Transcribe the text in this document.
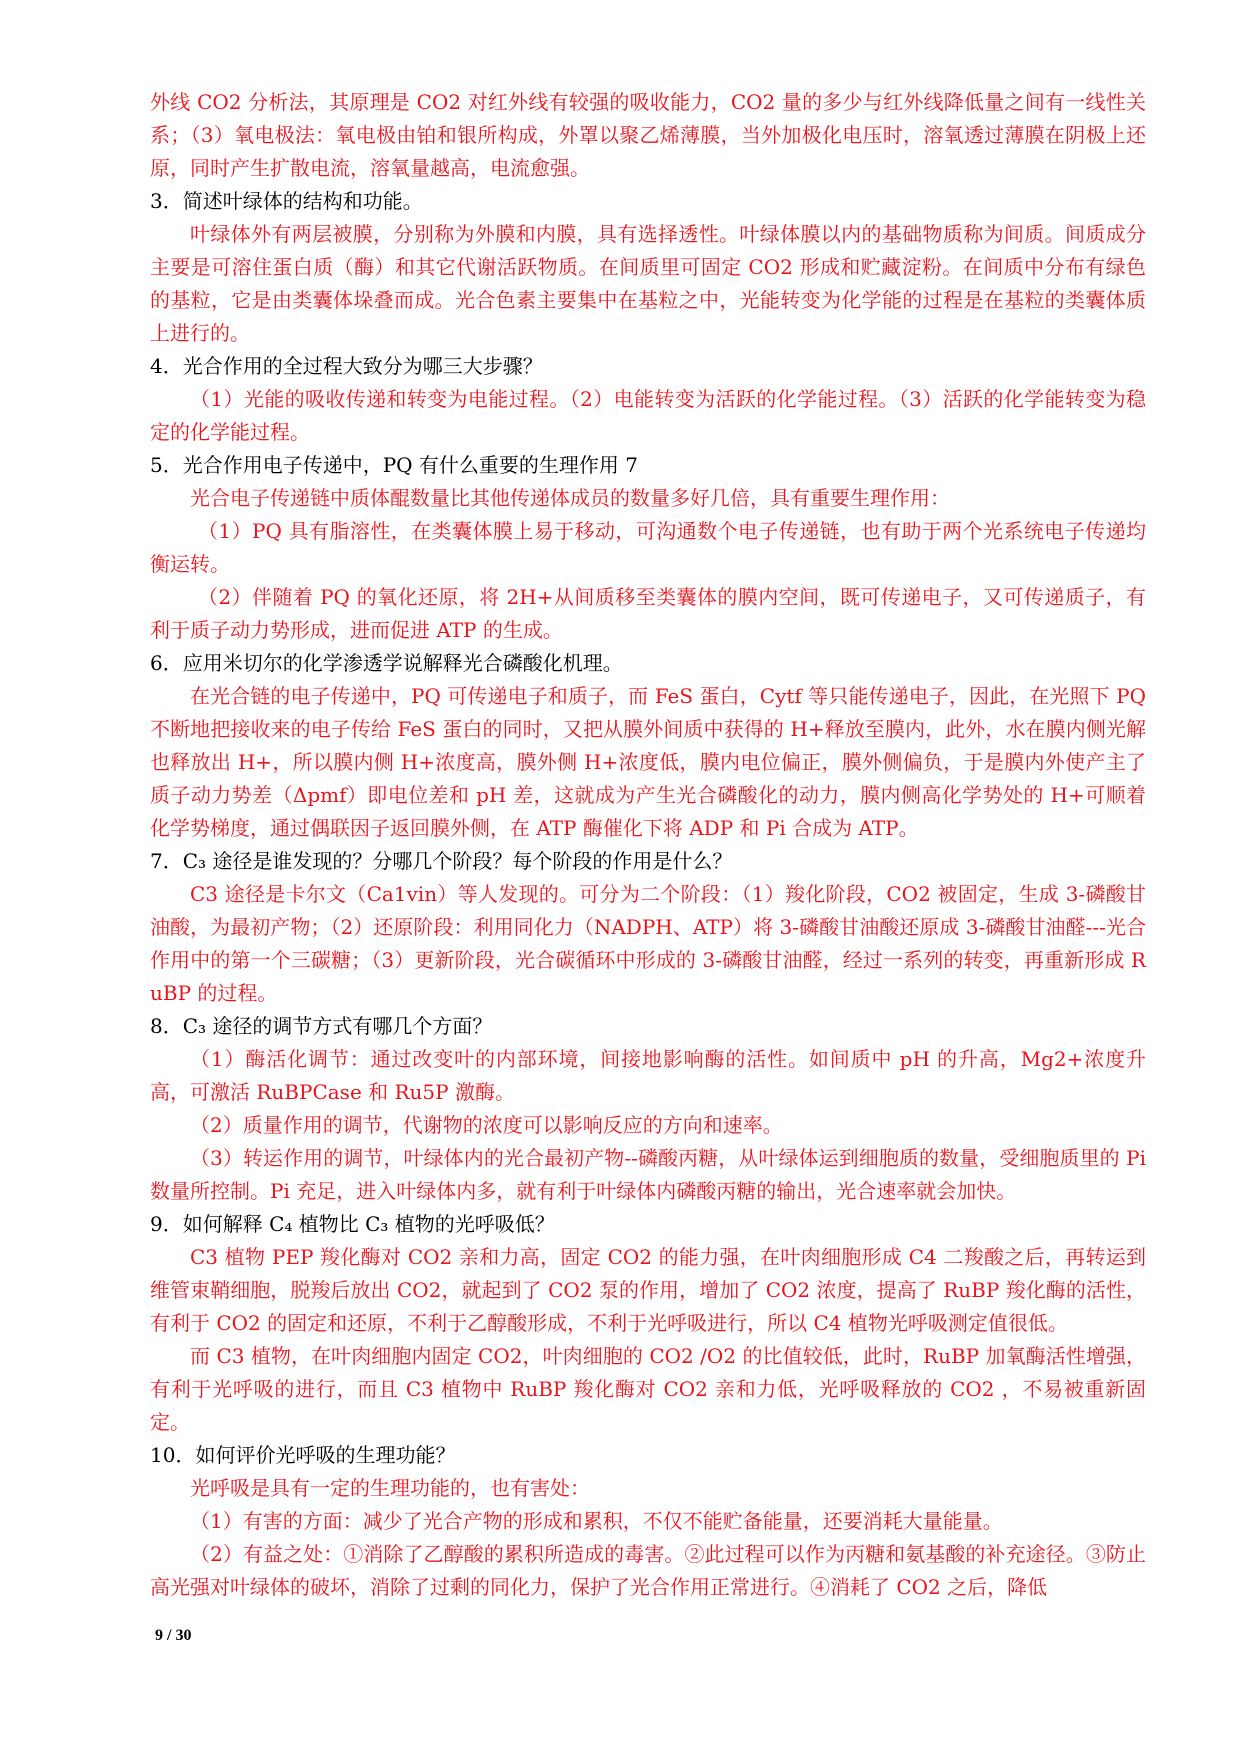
外线 CO2 分析法，其原理是 CO2 对红外线有较强的吸收能力，CO2 量的多少与红外线降低量之间有一线性关系；（3）氧电极法：氧电极由铂和银所构成，外罩以聚乙烯薄膜，当外加极化电压时，溶氧透过薄膜在阴极上还原，同时产生扩散电流，溶氧量越高，电流愈强。

3．简述叶绿体的结构和功能。

叶绿体外有两层被膜，分别称为外膜和内膜，具有选择透性。叶绿体膜以内的基础物质称为间质。间质成分主要是可溶住蛋白质（酶）和其它代谢活跃物质。在间质里可固定 CO2 形成和贮藏淀粉。在间质中分布有绿色的基粒，它是由类囊体垛叠而成。光合色素主要集中在基粒之中，光能转变为化学能的过程是在基粒的类囊体质上进行的。

4．光合作用的全过程大致分为哪三大步骤？

（1）光能的吸收传递和转变为电能过程。（2）电能转变为活跃的化学能过程。（3）活跃的化学能转变为稳定的化学能过程。

5．光合作用电子传递中，PQ 有什么重要的生理作用 7

光合电子传递链中质体醌数量比其他传递体成员的数量多好几倍，具有重要生理作用：

（1）PQ 具有脂溶性，在类囊体膜上易于移动，可沟通数个电子传递链，也有助于两个光系统电子传递均衡运转。

（2）伴随着 PQ 的氧化还原，将 2H+从间质移至类囊体的膜内空间，既可传递电子，又可传递质子，有利于质子动力势形成，进而促进 ATP 的生成。

6．应用米切尔的化学渗透学说解释光合磷酸化机理。

在光合链的电子传递中，PQ 可传递电子和质子，而 FeS 蛋白，Cytf 等只能传递电子，因此，在光照下 PQ 不断地把接收来的电子传给 FeS 蛋白的同时，又把从膜外间质中获得的 H+释放至膜内，此外，水在膜内侧光解也释放出 H+，所以膜内侧 H+浓度高，膜外侧 H+浓度低，膜内电位偏正，膜外侧偏负，于是膜内外使产主了质子动力势差（Δpmf）即电位差和 pH 差，这就成为产生光合磷酸化的动力，膜内侧高化学势处的 H+可顺着化学势梯度，通过偶联因子返回膜外侧，在 ATP 酶催化下将 ADP 和 Pi 合成为 ATP。

7．C₃ 途径是谁发现的？分哪几个阶段？每个阶段的作用是什么？

C3 途径是卡尔文（Ca1vin）等人发现的。可分为二个阶段：（1）羧化阶段，CO2 被固定，生成 3-磷酸甘油酸，为最初产物；（2）还原阶段：利用同化力（NADPH、ATP）将 3-磷酸甘油酸还原成 3-磷酸甘油醛---光合作用中的第一个三碳糖；（3）更新阶段，光合碳循环中形成的 3-磷酸甘油醛，经过一系列的转变，再重新形成 RuBP 的过程。

8．C₃ 途径的调节方式有哪几个方面？

（1）酶活化调节：通过改变叶的内部环境，间接地影响酶的活性。如间质中 pH 的升高，Mg2+浓度升高，可激活 RuBPCase 和 Ru5P 激酶。

（2）质量作用的调节，代谢物的浓度可以影响反应的方向和速率。

（3）转运作用的调节，叶绿体内的光合最初产物--磷酸丙糖，从叶绿体运到细胞质的数量，受细胞质里的 Pi 数量所控制。Pi 充足，进入叶绿体内多，就有利于叶绿体内磷酸丙糖的输出，光合速率就会加快。

9．如何解释 C₄ 植物比 C₃ 植物的光呼吸低？

C3 植物 PEP 羧化酶对 CO2 亲和力高，固定 CO2 的能力强，在叶肉细胞形成 C4 二羧酸之后，再转运到维管束鞘细胞，脱羧后放出 CO2，就起到了 CO2 泵的作用，增加了 CO2 浓度，提高了 RuBP 羧化酶的活性，有利于 CO2 的固定和还原，不利于乙醇酸形成，不利于光呼吸进行，所以 C4 植物光呼吸测定值很低。

而 C3 植物，在叶肉细胞内固定 CO2，叶肉细胞的 CO2 /O2 的比值较低，此时，RuBP 加氧酶活性增强，有利于光呼吸的进行，而且 C3 植物中 RuBP 羧化酶对 CO2 亲和力低，光呼吸释放的 CO2 ，不易被重新固定。

10．如何评价光呼吸的生理功能？

光呼吸是具有一定的生理功能的，也有害处：

（1）有害的方面：减少了光合产物的形成和累积，不仅不能贮备能量，还要消耗大量能量。

（2）有益之处：①消除了乙醇酸的累积所造成的毒害。②此过程可以作为丙糖和氨基酸的补充途径。③防止高光强对叶绿体的破坏，消除了过剩的同化力，保护了光合作用正常进行。④消耗了 CO2 之后，降低

9 / 30
